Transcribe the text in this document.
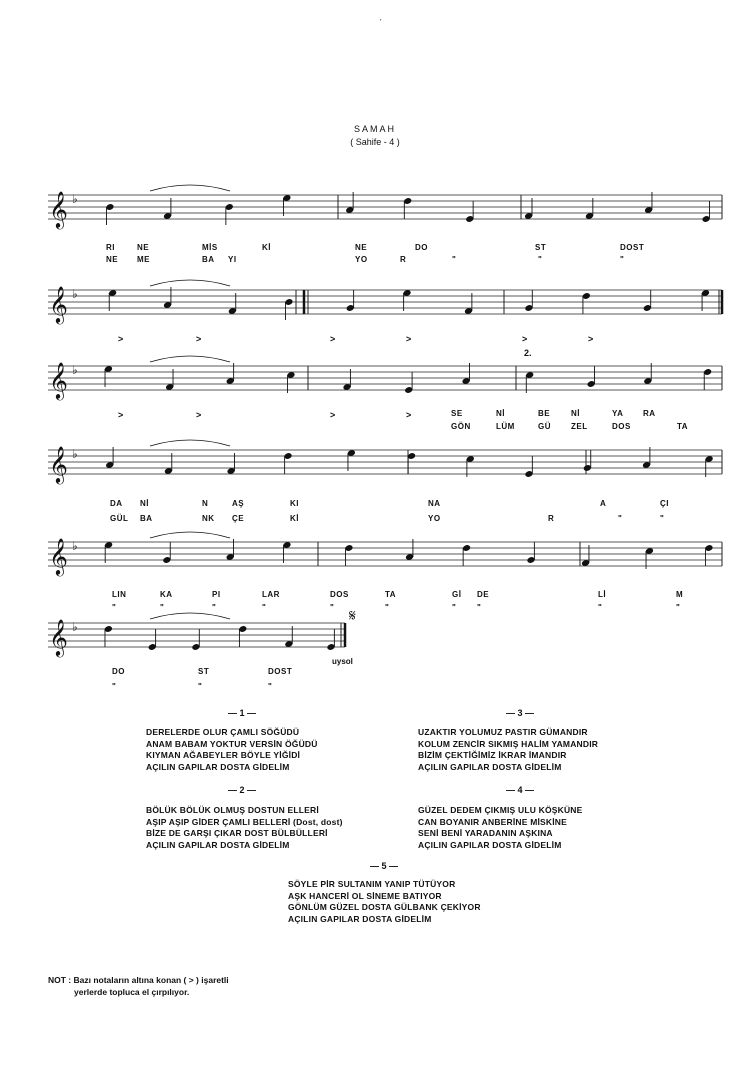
SAMAH
( Sahife - 4 )
𝄞 ♭
𝄞 ♭
𝄞 ♭
𝄞 ♭
𝄞 ♭
𝄞 ♭
𝄋
>	>	>	>	>	>
>	>	>	>
RI	NE	MİS	Kİ	NE	DO	ST	DOST
NE ME	BA YI	YO	R	"	"	"
SE	Nİ	BE	Nİ	YA RA
GÖN	LÜM	GÜ	ZEL	DOS	TA
DA Nİ	N	AŞ	KI	NA	A	ÇI
GÜL BA	NK ÇE	Kİ	YO	R	"	"
LIN	KA	PI	LAR	DOS	TA	Gİ DE	Lİ	M
"	"	"	"	"	"	"	"	"	"
DO	ST	DOST
"	"	"
2.
uysol
— 1 —
DERELERDE OLUR ÇAMLI SÖĞÜDÜ
ANAM BABAM YOKTUR VERSİN ÖĞÜDÜ
KIYMAN AĞABEYLER BÖYLE YİĞİDİ
AÇILIN GAPILAR DOSTA GİDELİM
— 3 —
UZAKTIR YOLUMUZ PASTIR GÜMANDIR
KOLUM ZENCİR SIKMIŞ HALİM YAMANDIR
BİZİM ÇEKTİĞİMİZ İKRAR İMANDIR
AÇILIN GAPILAR DOSTA GİDELİM
— 2 —
BÖLÜK BÖLÜK OLMUŞ DOSTUN ELLERİ
AŞIP AŞIP GİDER ÇAMLI BELLERİ (Dost, dost)
BİZE DE GARŞI ÇIKAR DOST BÜLBÜLLERİ
AÇILIN GAPILAR DOSTA GİDELİM
— 4 —
GÜZEL DEDEM ÇIKMIŞ ULU KÖŞKÜNE
CAN BOYANIR ANBERİNE MİSKİNE
SENİ BENİ YARADANIN AŞKINA
AÇILIN GAPILAR DOSTA GİDELİM
— 5 —
SÖYLE PİR SULTANIM YANIP TÜTÜYOR
AŞK HANCERİ OL SİNEME BATIYOR
GÖNLÜM GÜZEL DOSTA GÜLBANK ÇEKİYOR
AÇILIN GAPILAR DOSTA GİDELİM
NOT : Bazı notaların altına konan ( > ) işaretli
yerlerde topluca el çırpılıyor.
ˊ
